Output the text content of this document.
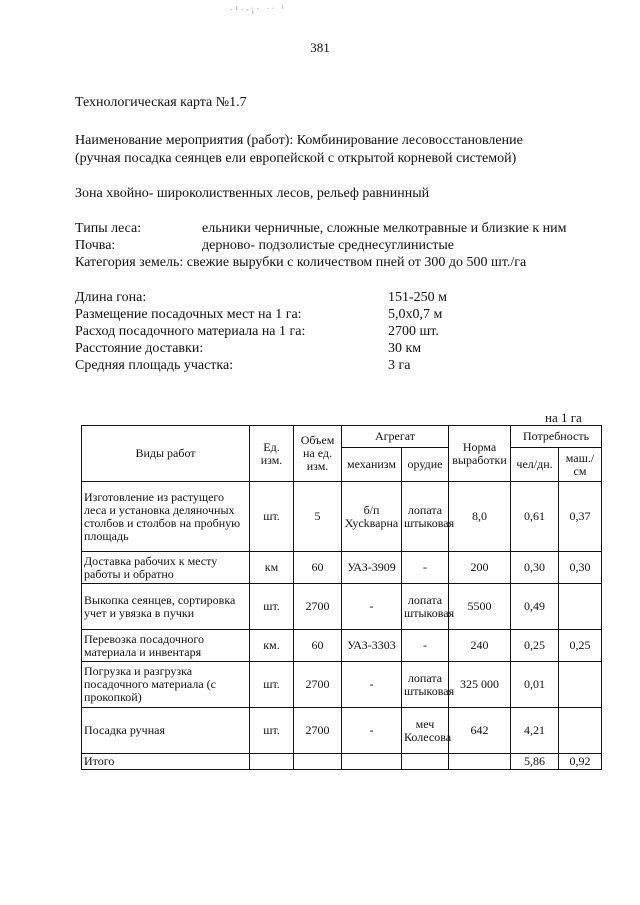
·¹·-¡· ·· ¹
381
Технологическая карта №1.7
Наименование мероприятия (работ): Комбинирование лесовосстановление
(ручная посадка сеянцев ели европейской с открытой корневой системой)
Зона хвойно- широколиственных лесов, рельеф равнинный
Типы леса:	ельники черничные, сложные мелкотравные и близкие к ним
Почва:	дерново- подзолистые среднесуглинистые
Категория земель: свежие вырубки с количеством пней от 300 до 500 шт./га
Длина гона:	151-250 м
Размещение посадочных мест на 1 га:	5,0х0,7 м
Расход посадочного материала на 1 га:	2700 шт.
Расстояние доставки:	30 км
Средняя площадь участка:	3 га
на 1 га
Виды работ	Ед. изм.	Объем на ед. изм.	Агрегат		Норма выработки	Потребность	
			механизм	орудие		чел/дн.	маш./см
Изготовление из растущего леса и установка деляночных столбов и столбов на пробную площадь	шт.	5	б/п Хусkварна	лопата штыковая	8,0	0,61	0,37
Доставка рабочих к месту работы и обратно	км	60	УАЗ-3909	-	200	0,30	0,30
Выкопка сеянцев, сортировка учет и увязка в пучки	шт.	2700	-	лопата штыковая	5500	0,49	
Перевозка посадочного материала и инвентаря	км.	60	УАЗ-3303	-	240	0,25	0,25
Погрузка и разгрузка посадочного материала (с прокопкой)	шт.	2700	-	лопата штыковая	325 000	0,01	
Посадка ручная	шт.	2700	-	меч Колесова	642	4,21	
Итого						5,86	0,92
